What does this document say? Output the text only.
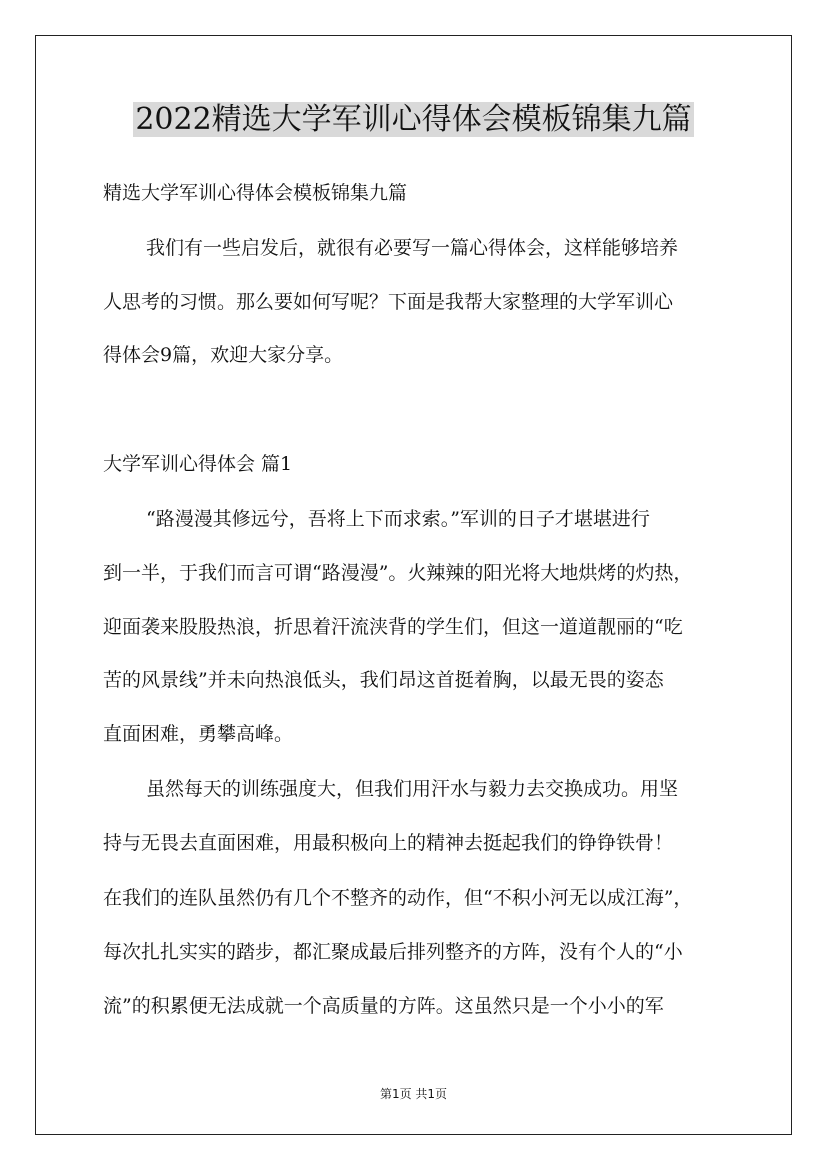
2022精选大学军训心得体会模板锦集九篇
精选大学军训心得体会模板锦集九篇
我们有一些启发后，就很有必要写一篇心得体会，这样能够培养
人思考的习惯。那么要如何写呢？下面是我帮大家整理的大学军训心
得体会9篇，欢迎大家分享。
大学军训心得体会 篇1
“路漫漫其修远兮，吾将上下而求索。”军训的日子才堪堪进行
到一半，于我们而言可谓“路漫漫”。火辣辣的阳光将大地烘烤的灼热，
迎面袭来股股热浪，折思着汗流浃背的学生们，但这一道道靓丽的“吃
苦的风景线”并未向热浪低头，我们昂这首挺着胸，以最无畏的姿态
直面困难，勇攀高峰。
虽然每天的训练强度大，但我们用汗水与毅力去交换成功。用坚
持与无畏去直面困难，用最积极向上的精神去挺起我们的铮铮铁骨！
在我们的连队虽然仍有几个不整齐的动作，但“不积小河无以成江海”，
每次扎扎实实的踏步，都汇聚成最后排列整齐的方阵，没有个人的“小
流”的积累便无法成就一个高质量的方阵。这虽然只是一个小小的军
第1页 共1页
